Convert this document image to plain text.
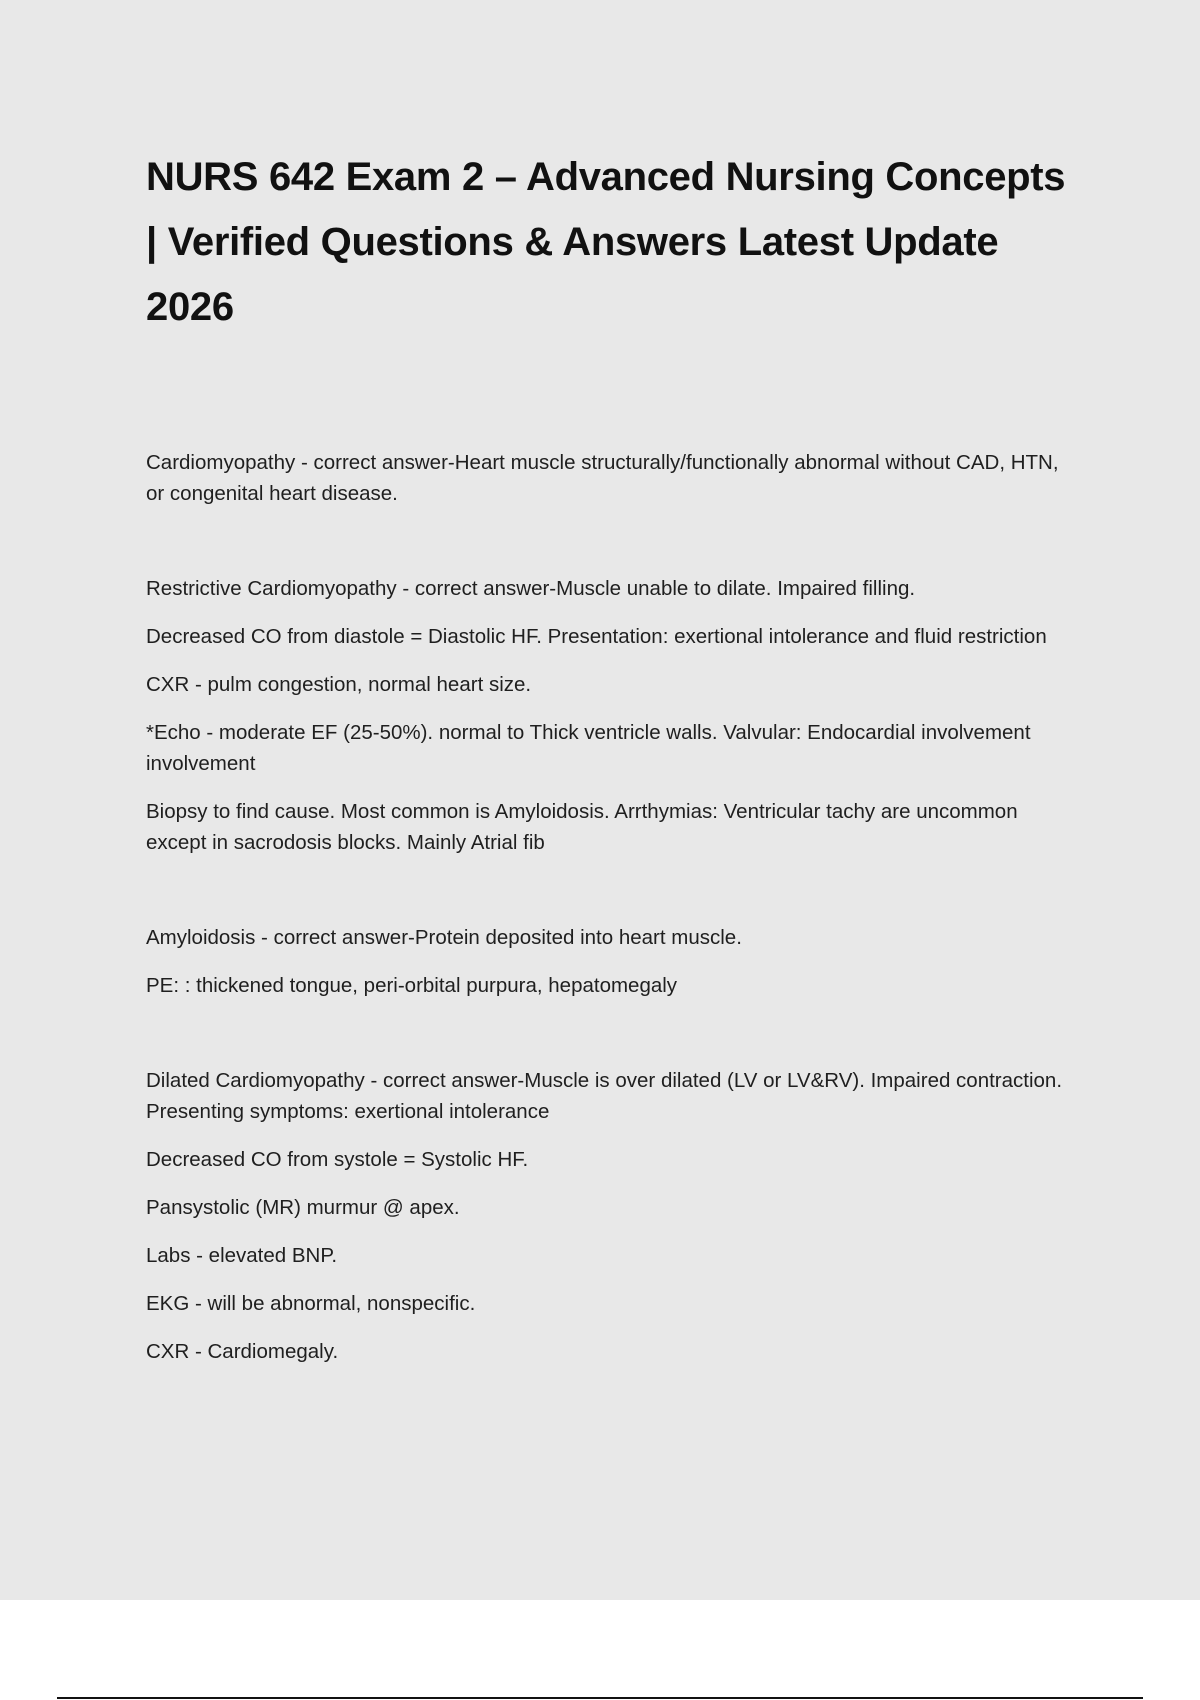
NURS 642 Exam 2 – Advanced Nursing Concepts | Verified Questions & Answers Latest Update 2026

Cardiomyopathy - correct answer-Heart muscle structurally/functionally abnormal without CAD, HTN, or congenital heart disease.

Restrictive Cardiomyopathy - correct answer-Muscle unable to dilate. Impaired filling.

Decreased CO from diastole = Diastolic HF. Presentation: exertional intolerance and fluid restriction

CXR - pulm congestion, normal heart size.

*Echo - moderate EF (25-50%). normal to Thick ventricle walls. Valvular: Endocardial involvement involvement

Biopsy to find cause. Most common is Amyloidosis. Arrthymias: Ventricular tachy are uncommon except in sacrodosis blocks. Mainly Atrial fib

Amyloidosis - correct answer-Protein deposited into heart muscle.

PE: : thickened tongue, peri-orbital purpura, hepatomegaly

Dilated Cardiomyopathy - correct answer-Muscle is over dilated (LV or LV&RV). Impaired contraction. Presenting symptoms: exertional intolerance

Decreased CO from systole = Systolic HF.

Pansystolic (MR) murmur @ apex.

Labs - elevated BNP.

EKG - will be abnormal, nonspecific.

CXR - Cardiomegaly.
